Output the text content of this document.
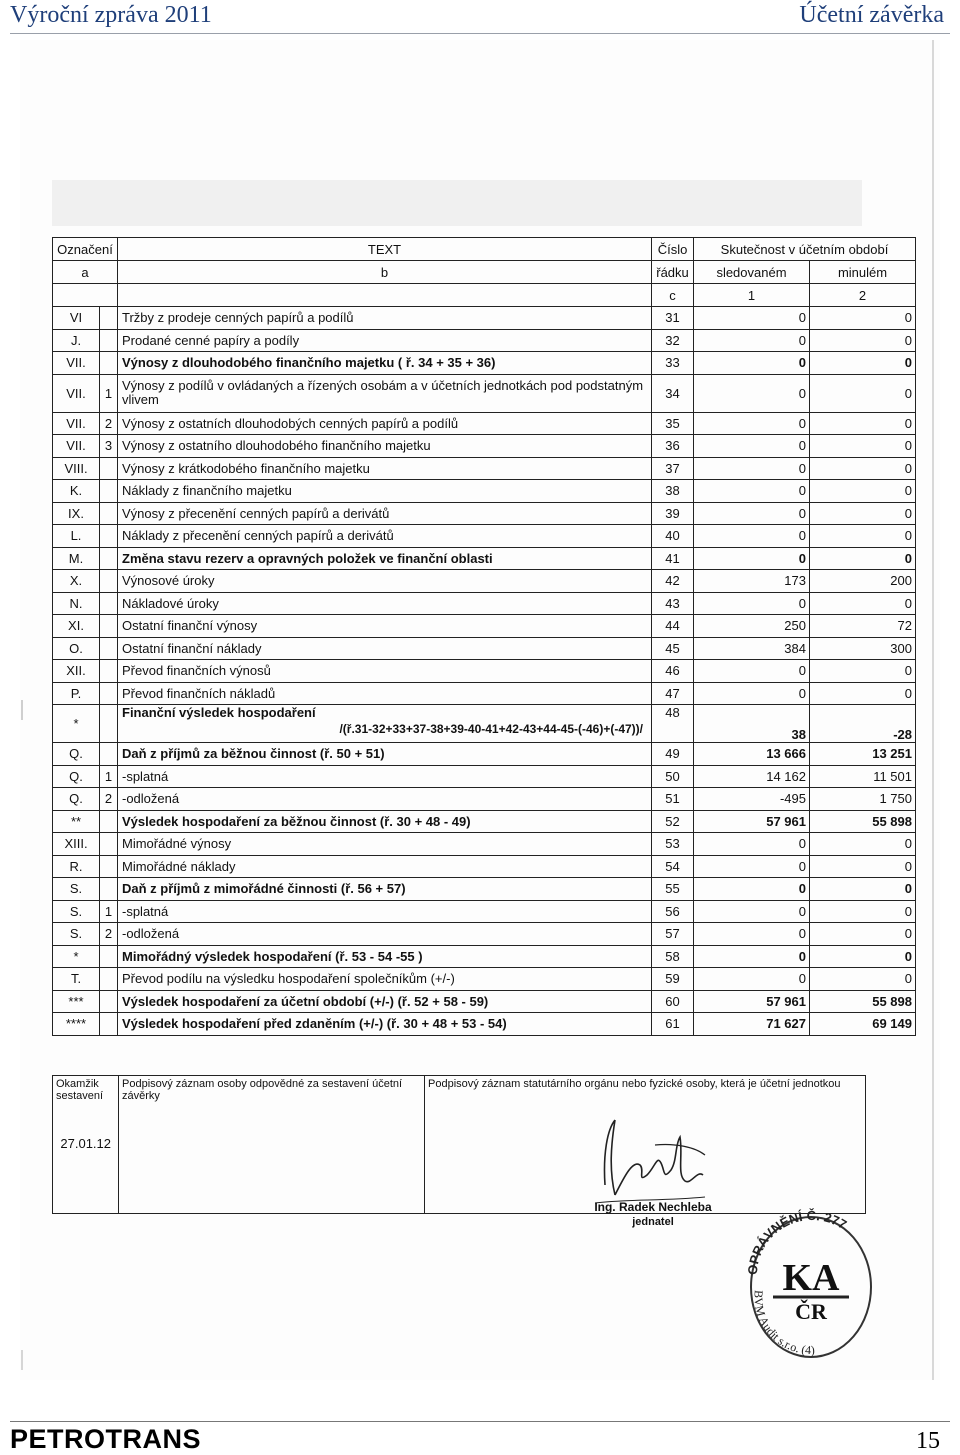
Výroční zpráva 2011	Účetní závěrka
Označení		TEXT	Číslo	Skutečnost v účetním období	
a		b	řádku	sledovaném	minulém
			c	1	2
VI		Tržby z prodeje cenných papírů a podílů	31	0	0
J.		Prodané cenné papíry a podíly	32	0	0
VII.		Výnosy z dlouhodobého finančního majetku ( ř. 34 + 35 + 36)	33	0	0
VII.	1	Výnosy z podílů v ovládaných a řízených osobám a v účetních jednotkách pod podstatným vlivem	34	0	0
VII.	2	Výnosy z ostatních dlouhodobých cenných papírů a podílů	35	0	0
VII.	3	Výnosy z ostatního dlouhodobého finančního majetku	36	0	0
VIII.		Výnosy z krátkodobého finančního majetku	37	0	0
K.		Náklady z finančního majetku	38	0	0
IX.		Výnosy z přecenění cenných papírů a derivátů	39	0	0
L.		Náklady z přecenění cenných papírů a derivátů	40	0	0
M.		Změna stavu rezerv a opravných položek ve finanční oblasti	41	0	0
X.		Výnosové úroky	42	173	200
N.		Nákladové úroky	43	0	0
XI.		Ostatní finanční výnosy	44	250	72
O.		Ostatní finanční náklady	45	384	300
XII.		Převod finančních výnosů	46	0	0
P.		Převod finančních nákladů	47	0	0
*		Finanční výsledek hospodaření
/(ř.31-32+33+37-38+39-40-41+42-43+44-45-(-46)+(-47))/	48	38	-28
Q.		Daň z příjmů za běžnou činnost (ř. 50 + 51)	49	13 666	13 251
Q.	1	-splatná	50	14 162	11 501
Q.	2	-odložená	51	-495	1 750
**		Výsledek hospodaření za běžnou činnost (ř. 30 + 48 - 49)	52	57 961	55 898
XIII.		Mimořádné výnosy	53	0	0
R.		Mimořádné náklady	54	0	0
S.		Daň z příjmů z mimořádné činnosti (ř. 56 + 57)	55	0	0
S.	1	-splatná	56	0	0
S.	2	-odložená	57	0	0
*		Mimořádný výsledek hospodaření (ř. 53 - 54 -55 )	58	0	0
T.		Převod podílu na výsledku hospodaření společníkům (+/-)	59	0	0
***		Výsledek hospodaření za účetní období (+/-) (ř. 52 + 58 - 59)	60	57 961	55 898
****		Výsledek hospodaření před zdaněním (+/-) (ř. 30 + 48 + 53 - 54)	61	71 627	69 149
Okamžik sestavení
27.01.12
	Podpisový záznam osoby odpovědné za sestavení účetní závěrky	Podpisový záznam statutárního orgánu nebo fyzické osoby, která je účetní jednotkou
Ing. Radek Nechleba
jednatel
OPRÁVNĚNÍ Č. 277
KA
ČR
BVM Audit s.r.o. (4)
PETROTRANS	15
